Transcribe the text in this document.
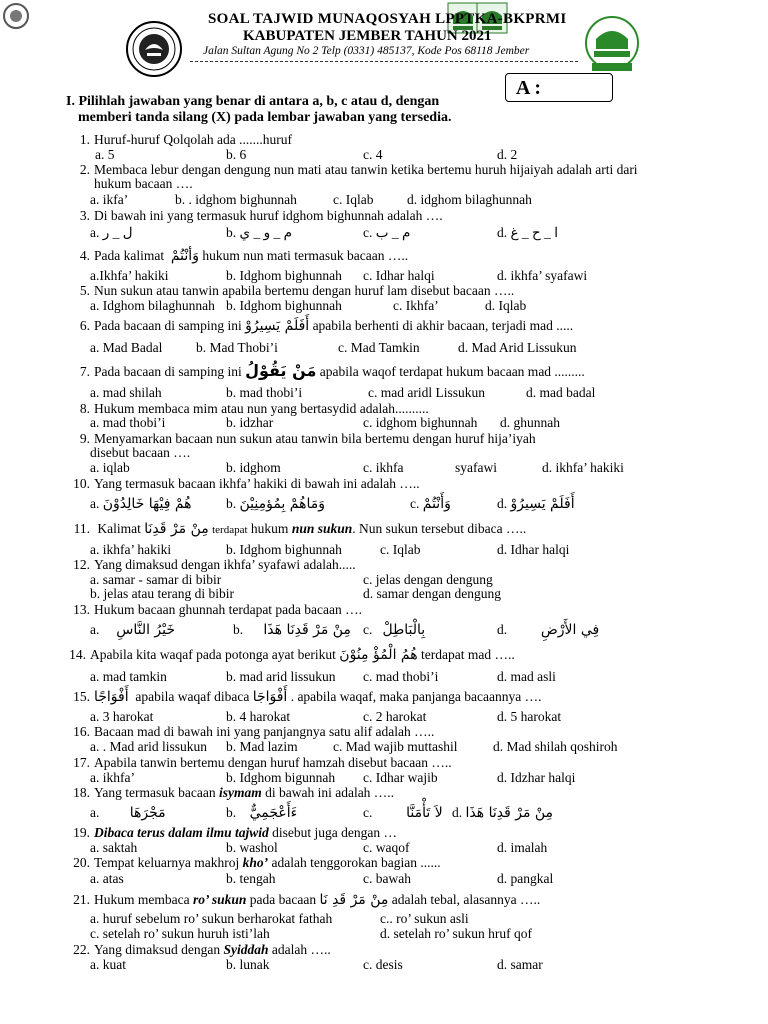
SOAL TAJWID MUNAQOSYAH LPPTKA-BKPRMI
KABUPATEN JEMBER TAHUN 2021
Jalan Sultan Agung No 2 Telp (0331) 485137, Kode Pos 68118 Jember
A :
I. Pilihlah jawaban yang benar di antara a, b, c atau d, dengan
memberi tanda silang (X) pada lembar jawaban yang tersedia.
1. Huruf-huruf Qolqolah ada .......huruf
a. 5	b. 6	c. 4	d. 2
2. Membaca lebur dengan dengung nun mati atau tanwin ketika bertemu huruh hijaiyah adalah arti dari
hukum bacaan ….
a. ikfa’	b. . idghom bighunnah	c. Iqlab d. idghom bilaghunnah
3. Di bawah ini yang termasuk huruf idghom bighunnah adalah ….
a. ل _ ر	b. م _ و _ ي	c. م _ ب	d. ا _ ح _ غ
4. Pada kalimat وَأنْتُمْ hukum nun mati termasuk bacaan …..
a.Ikhfa’ hakiki	b. Idghom bighunnah c. Idhar halqi	d. ikhfa’ syafawi
5. Nun sukun atau tanwin apabila bertemu dengan huruf lam disebut bacaan …..
a. Idghom bilaghunnah b. Idghom bighunnah	c. Ikhfa’	d. Iqlab
6. Pada bacaan di samping ini أَفَلَمْ يَسِيرُوْ apabila berhenti di akhir bacaan, terjadi mad .....
a. Mad Badal b. Mad Thobi’i	c. Mad Tamkin	d. Mad Arid Lissukun
7. Pada bacaan di samping ini مَنْ يَقُوْلُ apabila waqof terdapat hukum bacaan mad .........
a. mad shilah	b. mad thobi’i	c. mad aridl Lissukun	d. mad badal
8. Hukum membaca mim atau nun yang bertasydid adalah..........
a. mad thobi’i	b. idzhar	c. idghom bighunnah d. ghunnah
9. Menyamarkan bacaan nun sukun atau tanwin bila bertemu dengan huruf hija’iyah
disebut bacaan ….
a. iqlab	b. idghom	c. ikhfa	syafawi	d. ikhfa’ hakiki
10. Yang termasuk bacaan ikhfa’ hakiki di bawah ini adalah …..
a. هُمْ فِيْهَا خَالِدُوْنَ	b. وَمَاهُمْ بِمُؤمِنِيْنَ	c. وَأَنْتُمْ	d. أَفَلَمْ يَسِيرُوْ
11. Kalimat مِنْ مَرْ قَدِنَا terdapat hukum nun sukun. Nun sukun tersebut dibaca …..
a. ikhfa’ hakiki	b. Idghom bighunnah	c. Iqlab	d. Idhar halqi
12. Yang dimaksud dengan ikhfa’ syafawi adalah.....
a. samar - samar di bibir	c. jelas dengan dengung
b. jelas atau terang di bibir	d. samar dengan dengung
13. Hukum bacaan ghunnah terdapat pada bacaan ….
a. خَيْرُ النَّاسِ	b. مِنْ مَرْ قَدِنَا هَذَا c. بِالْبَاطِلْ	d. فِي الأَرْضِ
14. Apabila kita waqaf pada potonga ayat berikut هُمُ الْمُؤْ مِنُوْنَ terdapat mad …..
a. mad tamkin	b. mad arid lissukun c. mad thobi’i	d. mad asli
15. أَفْوَاجًا apabila waqaf dibaca أَفْوَاجَا . apabila waqaf, maka panjanga bacaannya ….
a. 3 harokat	b. 4 harokat	c. 2 harokat	d. 5 harokat
16. Bacaan mad di bawah ini yang panjangnya satu alif adalah …..
a. . Mad arid lissukun b. Mad lazim	c. Mad wajib muttashil	d. Mad shilah qoshiroh
17. Apabila tanwin bertemu dengan huruf hamzah disebut bacaan …..
a. ikhfa’	b. Idghom bigunnah c. Idhar wajib	d. Idzhar halqi
18. Yang termasuk bacaan isymam di bawah ini adalah …..
a. مَجْرَهَا	b. ءَأَعْجَمِيٌّ	c. لاَ تَأْمَنَّا d. مِنْ مَرْ قَدِنَا هَذَا
19. Dibaca terus dalam ilmu tajwid disebut juga dengan …
a. saktah	b. washol	c. waqof	d. imalah
20. Tempat keluarnya makhroj kho’ adalah tenggorokan bagian ......
a. atas	b. tengah	c. bawah	d. pangkal
21. Hukum membaca ro’ sukun pada bacaan مِنْ مَرْ قَدِ نَا adalah tebal, alasannya …..
a. huruf sebelum ro’ sukun berharokat fathah	c.. ro’ sukun asli
c. setelah ro’ sukun huruh isti’lah	d. setelah ro’ sukun hruf qof
22. Yang dimaksud dengan Syiddah adalah …..
a. kuat	b. lunak	c. desis	d. samar
